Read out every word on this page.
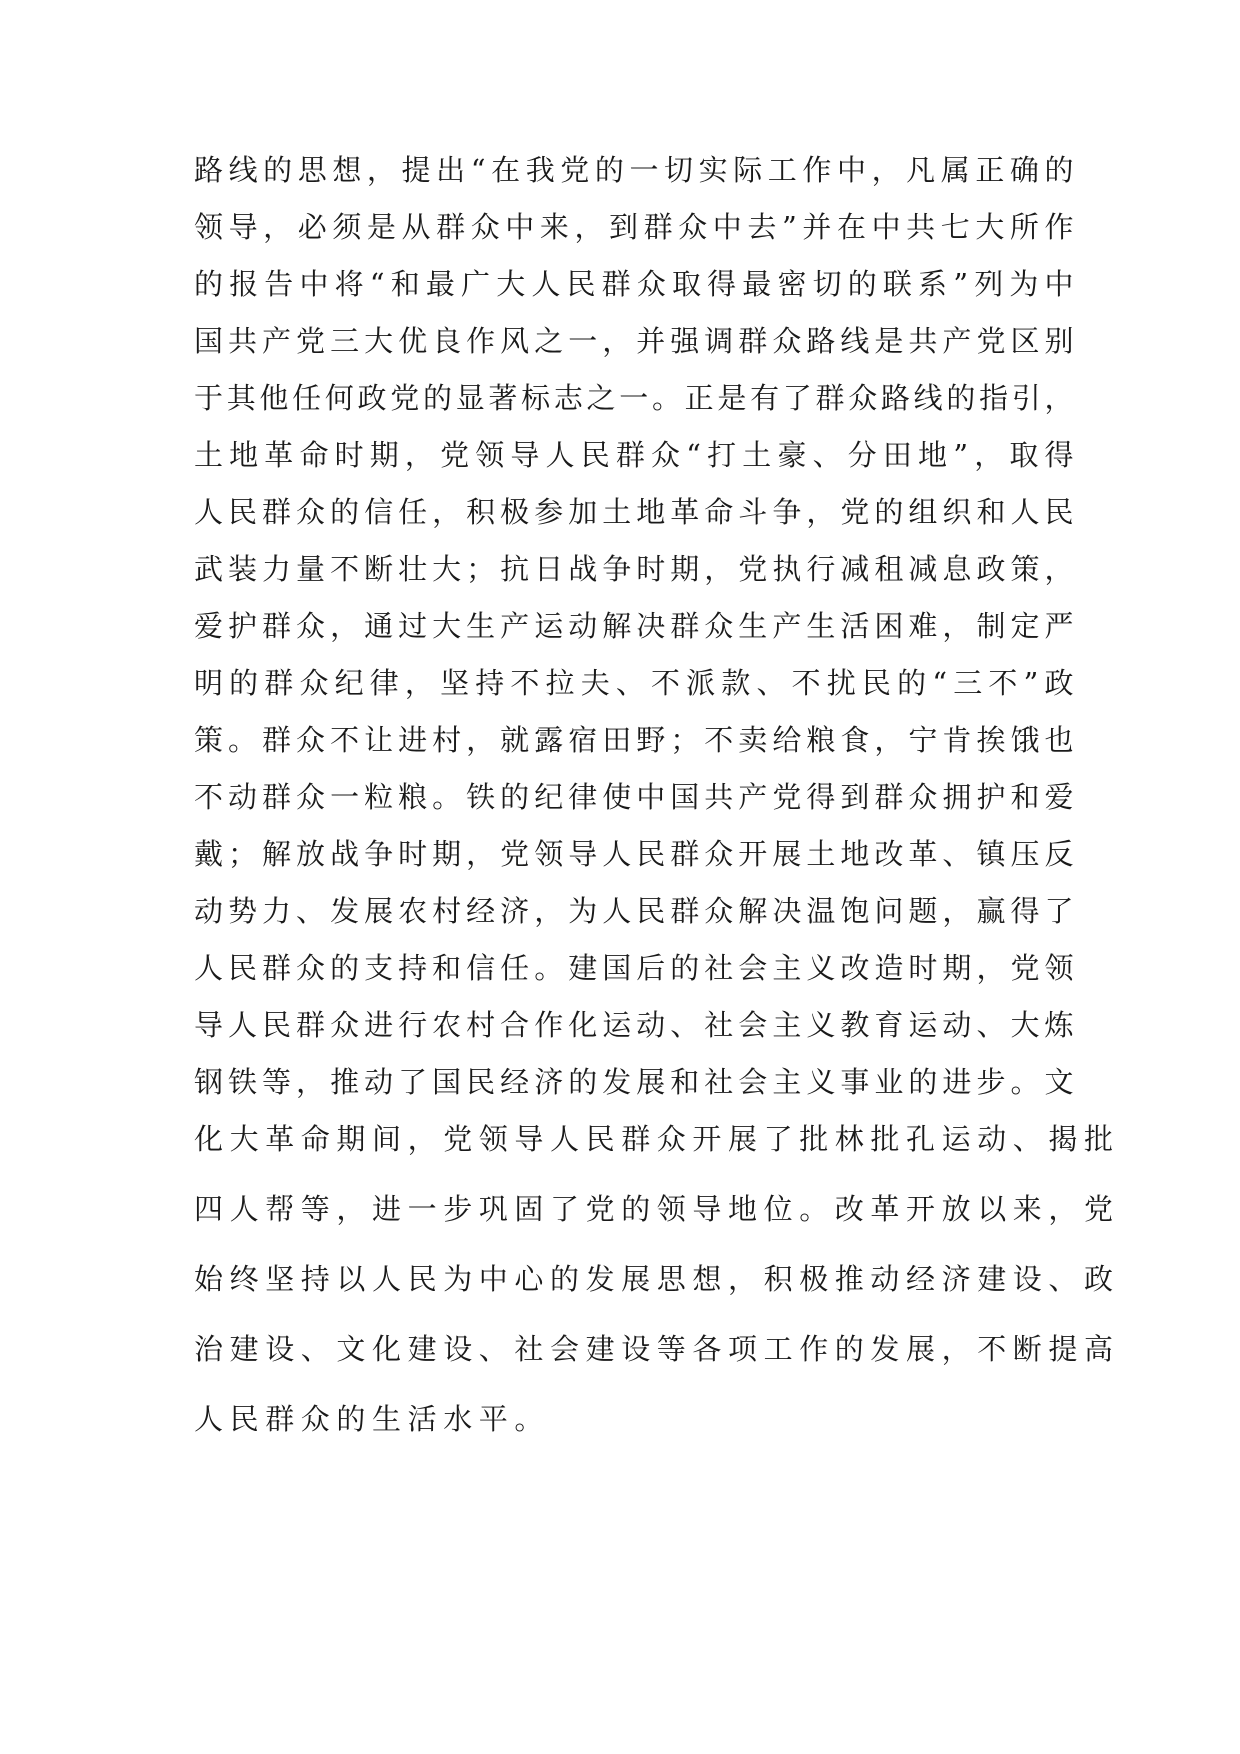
路线的思想，提出“在我党的一切实际工作中，凡属正确的
领导，必须是从群众中来，到群众中去”并在中共七大所作
的报告中将“和最广大人民群众取得最密切的联系”列为中
国共产党三大优良作风之一，并强调群众路线是共产党区别
于其他任何政党的显著标志之一。正是有了群众路线的指引，
土地革命时期，党领导人民群众“打土豪、分田地”，取得
人民群众的信任，积极参加土地革命斗争，党的组织和人民
武装力量不断壮大；抗日战争时期，党执行减租减息政策，
爱护群众，通过大生产运动解决群众生产生活困难，制定严
明的群众纪律，坚持不拉夫、不派款、不扰民的“三不”政
策。群众不让进村，就露宿田野；不卖给粮食，宁肯挨饿也
不动群众一粒粮。铁的纪律使中国共产党得到群众拥护和爱
戴；解放战争时期，党领导人民群众开展土地改革、镇压反
动势力、发展农村经济，为人民群众解决温饱问题，赢得了
人民群众的支持和信任。建国后的社会主义改造时期，党领
导人民群众进行农村合作化运动、社会主义教育运动、大炼
钢铁等，推动了国民经济的发展和社会主义事业的进步。文
化大革命期间，党领导人民群众开展了批林批孔运动、揭批
四人帮等，进一步巩固了党的领导地位。改革开放以来，党
始终坚持以人民为中心的发展思想，积极推动经济建设、政
治建设、文化建设、社会建设等各项工作的发展，不断提高
人民群众的生活水平。
